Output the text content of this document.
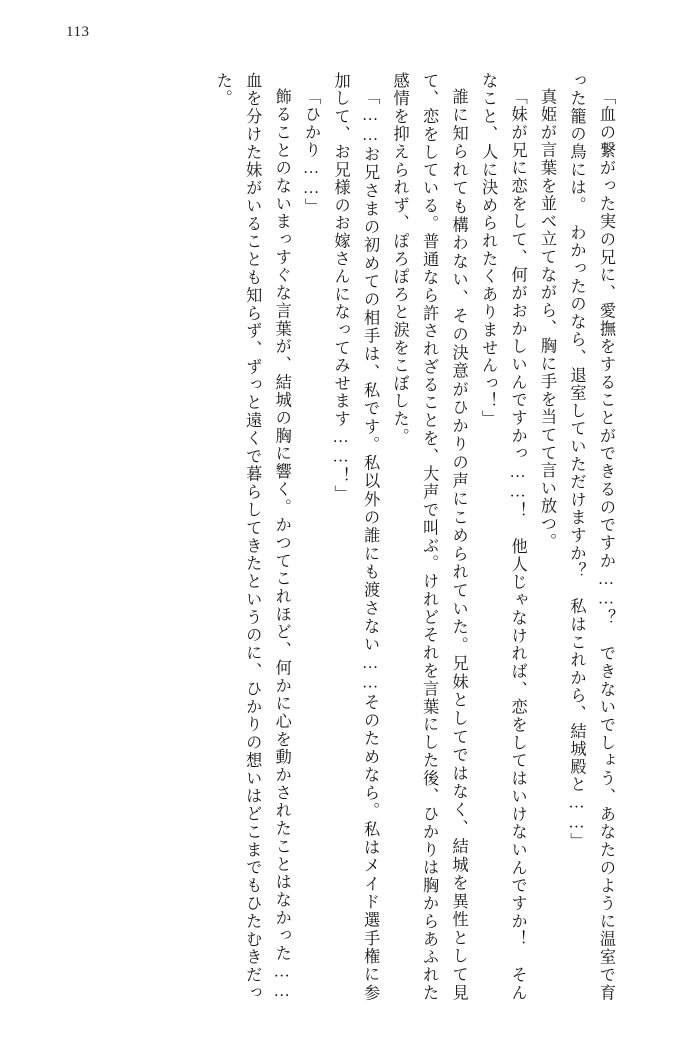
113

「血の繋がった実の兄に、愛撫をすることができるのですか……？　できないでしょう、あなたのように温室で育った籠の鳥には。　わかったのなら、退室していただけますか？　私はこれから、結城殿と……」

真姫が言葉を並べ立てながら、胸に手を当てて言い放つ。

「妹が兄に恋をして、何がおかしいんですかっ……！　他人じゃなければ、恋をしてはいけないんですか！　そんなこと、人に決められたくありませんっ！」

誰に知られても構わない、その決意がひかりの声にこめられていた。兄妹としてではなく、結城を異性として見て、恋をしている。普通なら許されざることを、大声で叫ぶ。けれどそれを言葉にした後、ひかりは胸からあふれた感情を抑えられず、ぽろぽろと涙をこぼした。

「……お兄さまの初めての相手は、私です。私以外の誰にも渡さない……そのためなら。私はメイド選手権に参加して、お兄様のお嫁さんになってみせます……！」

「ひかり……」

飾ることのないまっすぐな言葉が、結城の胸に響く。かつてこれほど、何かに心を動かされたことはなかった……血を分けた妹がいることも知らず、ずっと遠くで暮らしてきたというのに、ひかりの想いはどこまでもひたむきだった。
